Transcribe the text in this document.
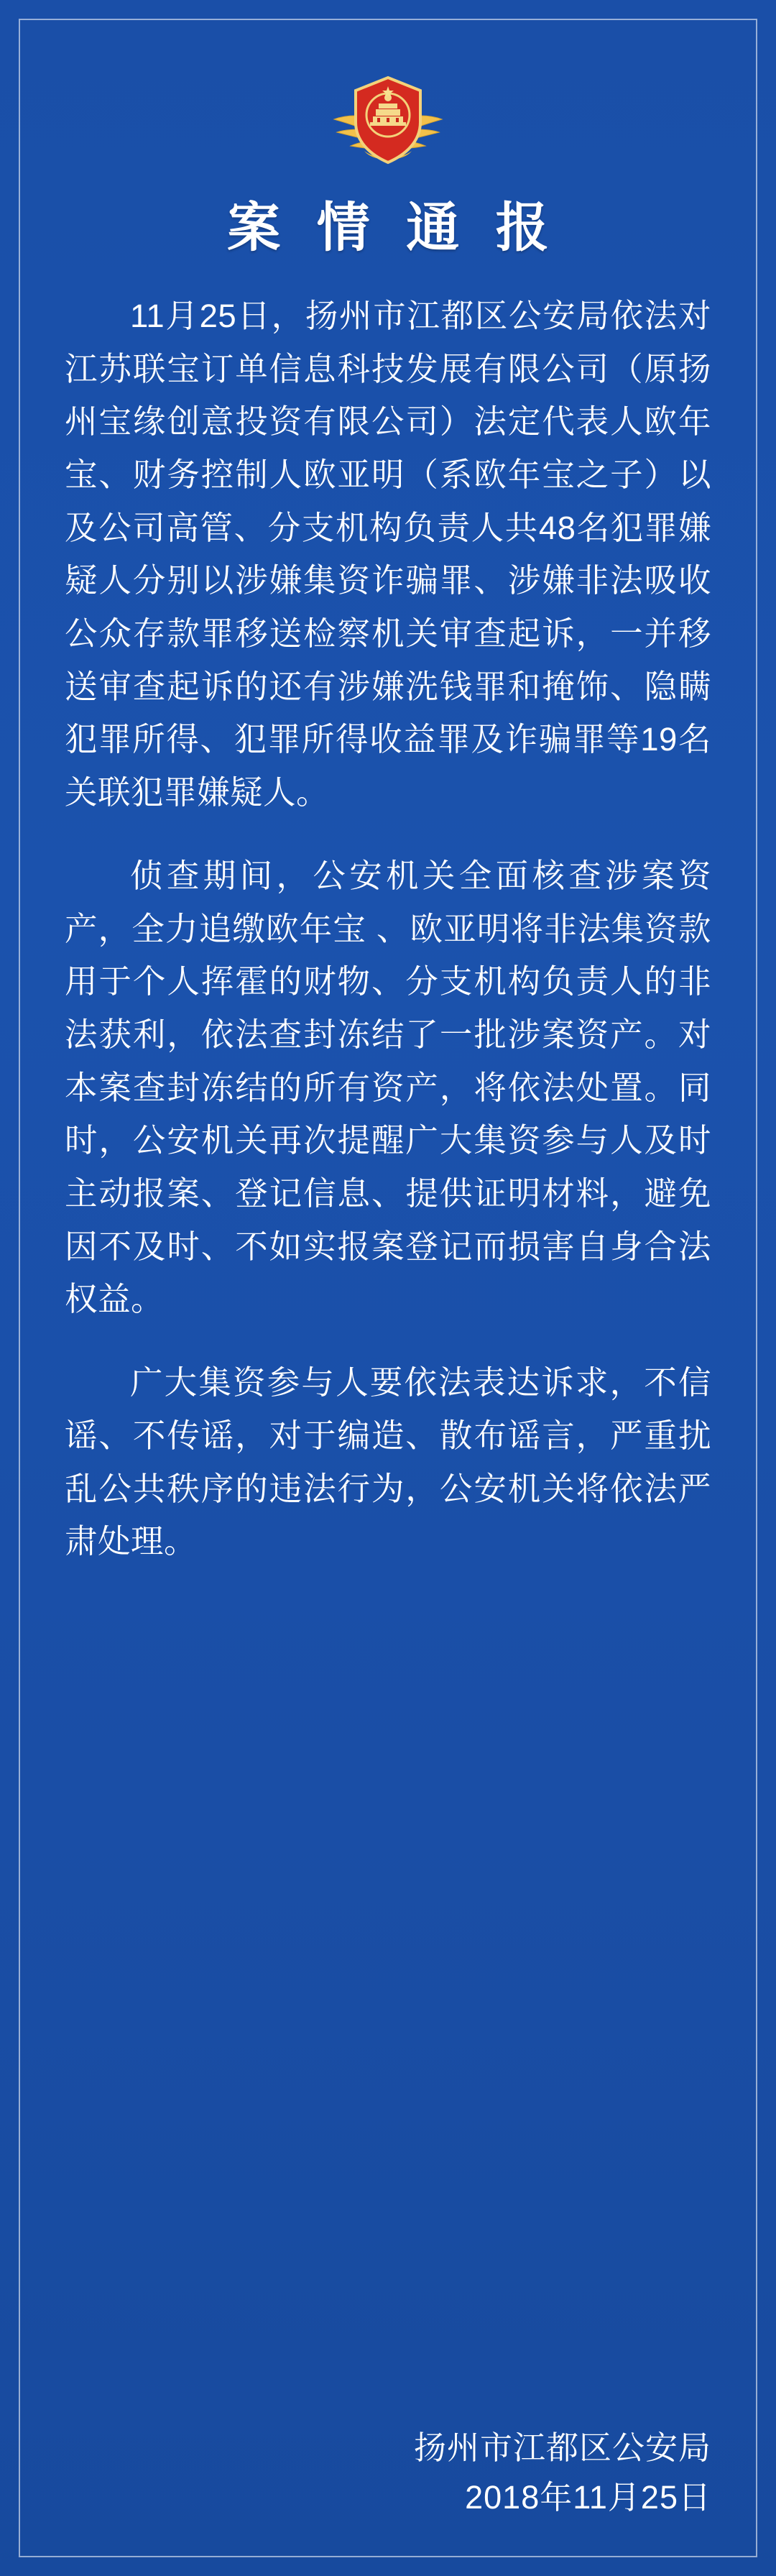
案 情 通 报

11月25日，扬州市江都区公安局依法对江苏联宝订单信息科技发展有限公司（原扬州宝缘创意投资有限公司）法定代表人欧年宝、财务控制人欧亚明（系欧年宝之子）以及公司高管、分支机构负责人共48名犯罪嫌疑人分别以涉嫌集资诈骗罪、涉嫌非法吸收公众存款罪移送检察机关审查起诉，一并移送审查起诉的还有涉嫌洗钱罪和掩饰、隐瞒犯罪所得、犯罪所得收益罪及诈骗罪等19名关联犯罪嫌疑人。

侦查期间，公安机关全面核查涉案资产，全力追缴欧年宝 、欧亚明将非法集资款用于个人挥霍的财物、分支机构负责人的非法获利，依法查封冻结了一批涉案资产。对本案查封冻结的所有资产，将依法处置。同时，公安机关再次提醒广大集资参与人及时主动报案、登记信息、提供证明材料，避免因不及时、不如实报案登记而损害自身合法权益。

广大集资参与人要依法表达诉求，不信谣、不传谣，对于编造、散布谣言，严重扰乱公共秩序的违法行为，公安机关将依法严肃处理。

扬州市江都区公安局
2018年11月25日
